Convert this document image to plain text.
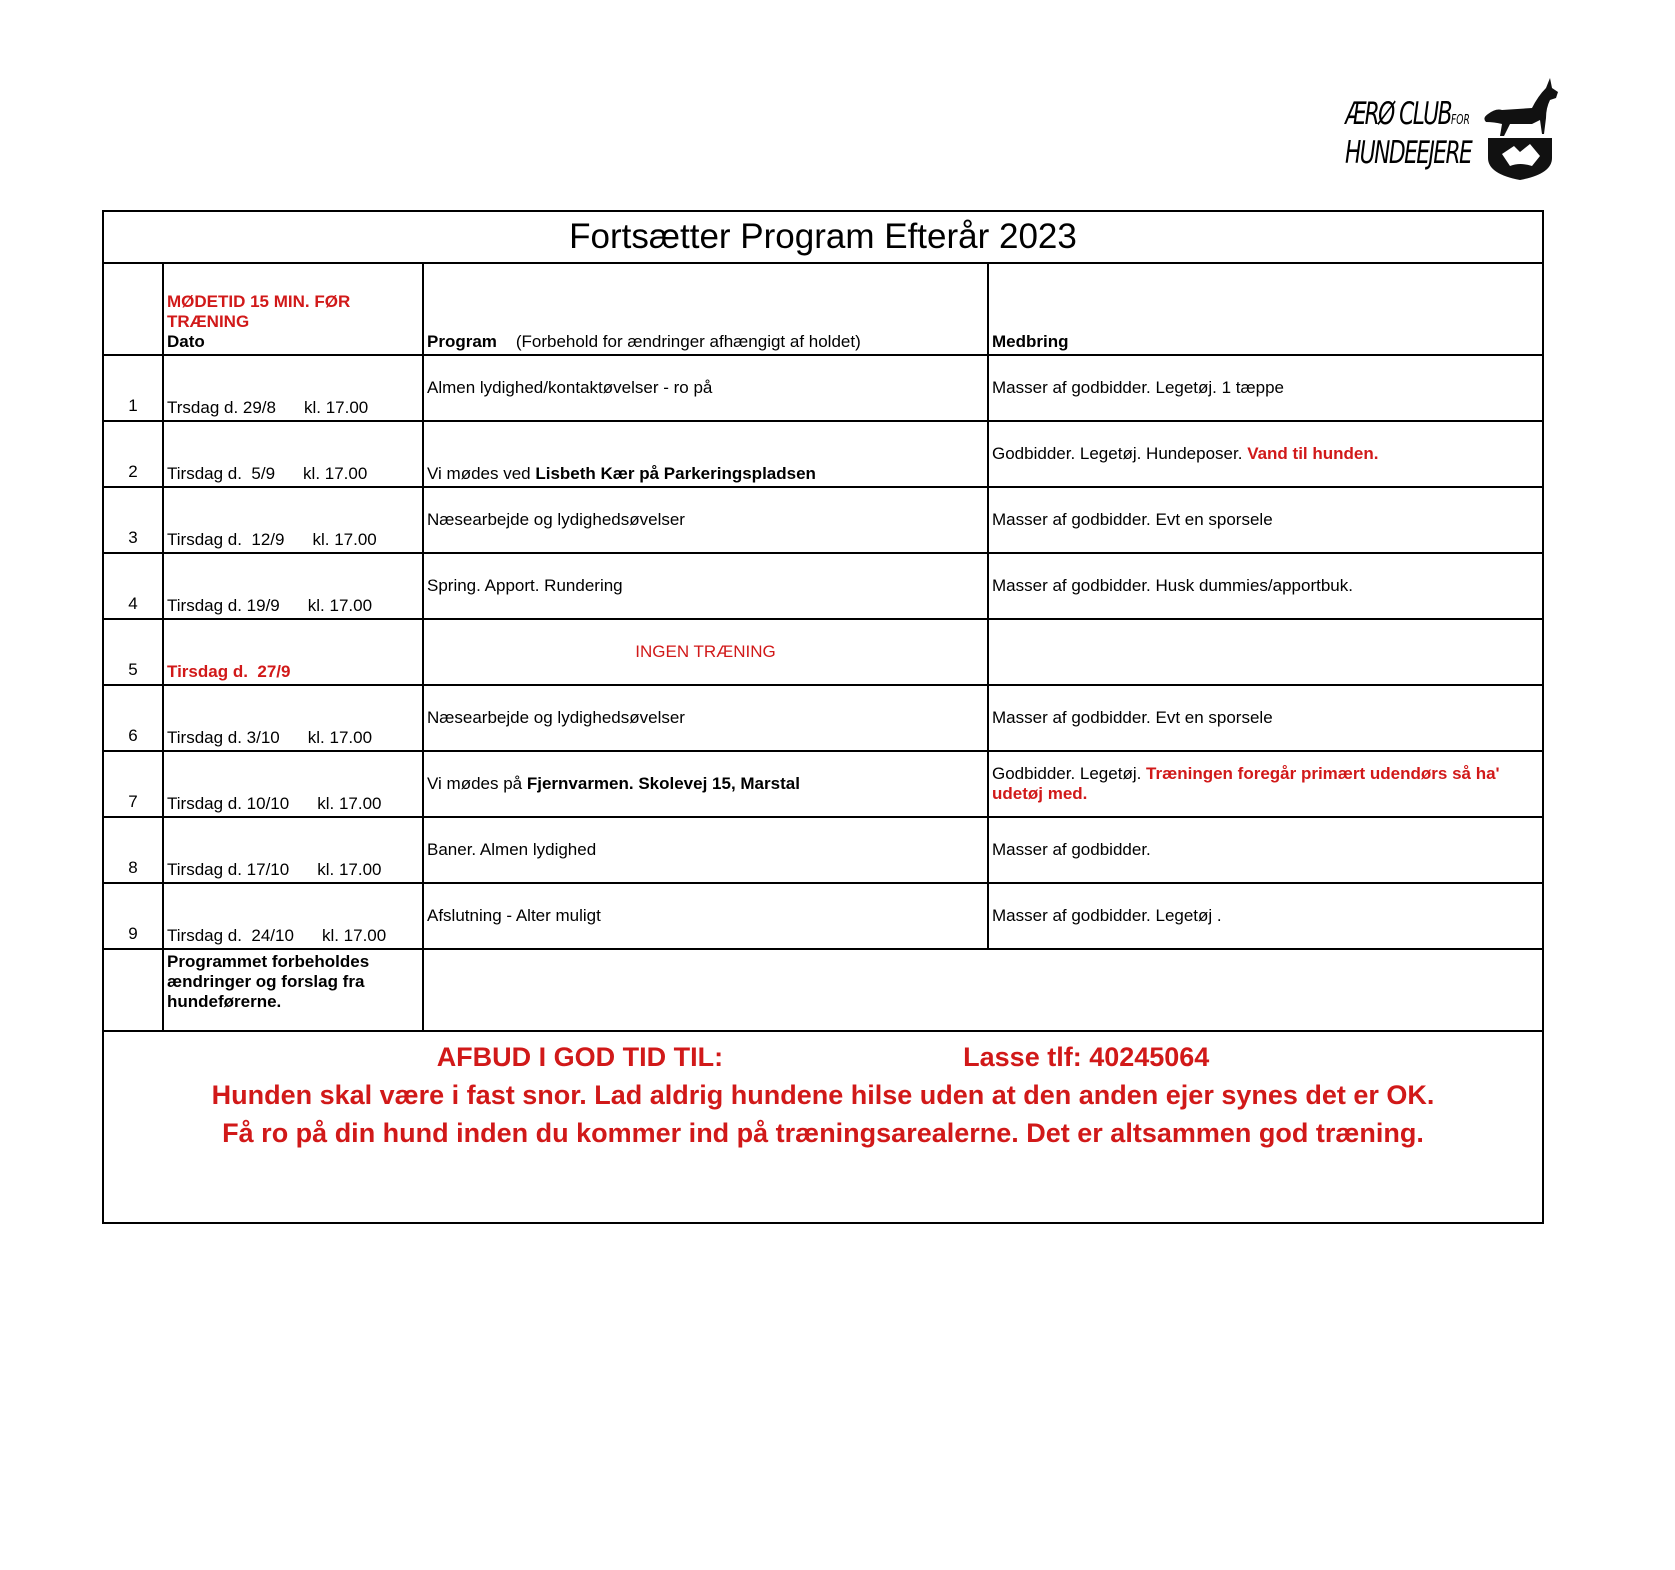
ÆRØ CLUBFOR
HUNDEEJERE
Fortsætter Program Efterår 2023			

	MØDETID 15 MIN. FØR TRÆNING
Dato	Program (Forbehold for ændringer afhængigt af holdet)	Medbring
1	Trsdag d. 29/8 kl. 17.00	Almen lydighed/kontaktøvelser - ro på	Masser af godbidder. Legetøj. 1 tæppe
2	Tirsdag d.  5/9 kl. 17.00	Vi mødes ved Lisbeth Kær på Parkeringspladsen	Godbidder. Legetøj. Hundeposer. Vand til hunden.
3	Tirsdag d.  12/9 kl. 17.00	Næsearbejde og lydighedsøvelser	Masser af godbidder. Evt en sporsele
4	Tirsdag d. 19/9 kl. 17.00	Spring. Apport. Rundering	Masser af godbidder. Husk dummies/apportbuk.
5	Tirsdag d.  27/9	INGEN TRÆNING	
6	Tirsdag d. 3/10 kl. 17.00	Næsearbejde og lydighedsøvelser	Masser af godbidder. Evt en sporsele
7	Tirsdag d. 10/10 kl. 17.00	Vi mødes på Fjernvarmen. Skolevej 15, Marstal	Godbidder. Legetøj. Træningen foregår primært udendørs så ha' udetøj med.
8	Tirsdag d. 17/10 kl. 17.00	Baner. Almen lydighed	Masser af godbidder.
9	Tirsdag d.  24/10 kl. 17.00	Afslutning - Alter muligt	Masser af godbidder. Legetøj .
	Programmet forbeholdes ændringer og forslag fra hundeførerne.		

AFBUD I GOD TID TIL: Lasse tlf: 40245064
Hunden skal være i fast snor. Lad aldrig hundene hilse uden at den anden ejer synes det er OK.
Få ro på din hund inden du kommer ind på træningsarealerne. Det er altsammen god træning.			
